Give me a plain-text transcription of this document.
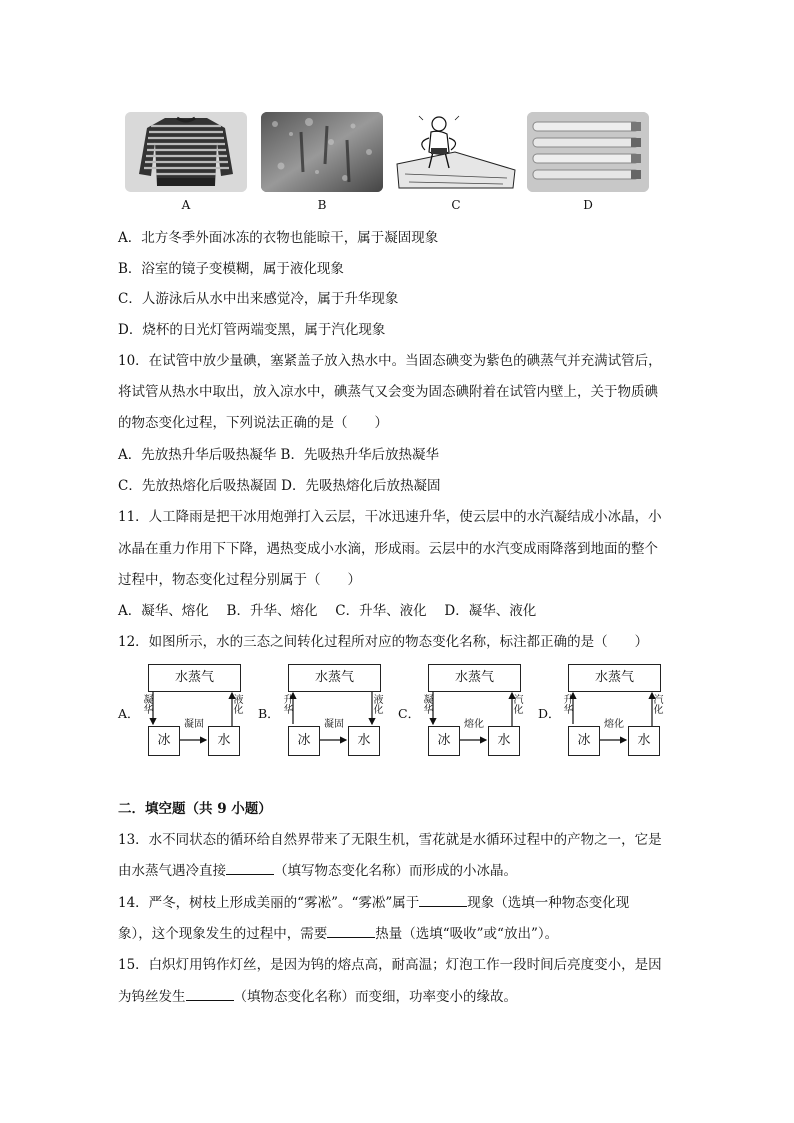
A	B	C	D
A．北方冬季外面冰冻的衣物也能晾干，属于凝固现象
B．浴室的镜子变模糊，属于液化现象
C．人游泳后从水中出来感觉冷，属于升华现象
D．烧杯的日光灯管两端变黑，属于汽化现象
10．在试管中放少量碘，塞紧盖子放入热水中。当固态碘变为紫色的碘蒸气并充满试管后，
将试管从热水中取出，放入凉水中，碘蒸气又会变为固态碘附着在试管内壁上，关于物质碘
的物态变化过程，下列说法正确的是（　　）
A．先放热升华后吸热凝华 B．先吸热升华后放热凝华
C．先放热熔化后吸热凝固 D．先吸热熔化后放热凝固
11．人工降雨是把干冰用炮弹打入云层，干冰迅速升华，使云层中的水汽凝结成小冰晶，小
冰晶在重力作用下下降，遇热变成小水滴，形成雨。云层中的水汽变成雨降落到地面的整个
过程中，物态变化过程分别属于（　　）
A．凝华、熔化　 B．升华、熔化　 C．升华、液化　 D．凝华、液化
12．如图所示，水的三态之间转化过程所对应的物态变化名称，标注都正确的是（　　）
A．
水蒸气
冰	水
凝华
液化
凝固
B．
水蒸气
冰	水
升华
液化
凝固
C．
水蒸气
冰	水
凝华
汽化
熔化
D．
水蒸气
冰	水
升华
汽化
熔化
二．填空题（共 9 小题）
13．水不同状态的循环给自然界带来了无限生机，雪花就是水循环过程中的产物之一，它是
由水蒸气遇冷直接	（填写物态变化名称）而形成的小冰晶。
14．严冬，树枝上形成美丽的“雾凇”。“雾凇”属于	现象（选填一种物态变化现
象），这个现象发生的过程中，需要	热量（选填“吸收”或“放出”）。
15．白炽灯用钨作灯丝，是因为钨的熔点高，耐高温；灯泡工作一段时间后亮度变小，是因
为钨丝发生	（填物态变化名称）而变细，功率变小的缘故。
